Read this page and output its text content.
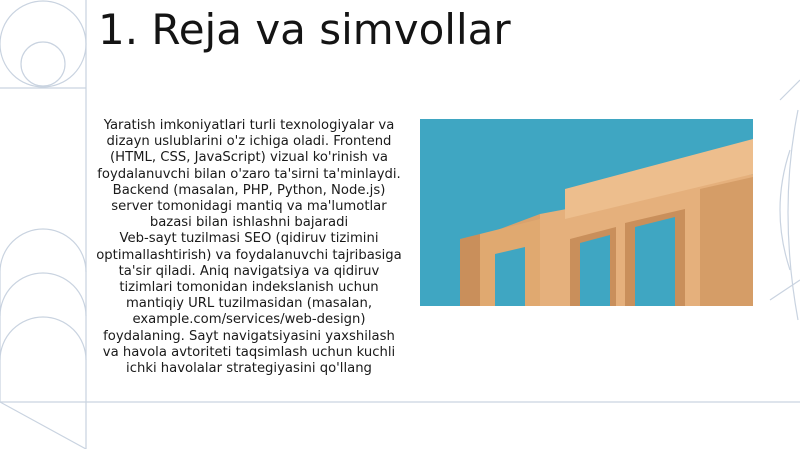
1. Reja va simvollar

Yaratish imkoniyatlari turli texnologiyalar va dizayn uslublarini o'z ichiga oladi. Frontend (HTML, CSS, JavaScript) vizual ko'rinish va foydalanuvchi bilan o'zaro ta'sirni ta'minlaydi. Backend (masalan, PHP, Python, Node.js) server tomonidagi mantiq va ma'lumotlar bazasi bilan ishlashni bajaradi

Veb-sayt tuzilmasi SEO (qidiruv tizimini optimallashtirish) va foydalanuvchi tajribasiga ta'sir qiladi. Aniq navigatsiya va qidiruv tizimlari tomonidan indekslanish uchun mantiqiy URL tuzilmasidan (masalan, example.com/services/web-design) foydalaning. Sayt navigatsiyasini yaxshilash va havola avtoriteti taqsimlash uchun kuchli ichki havolalar strategiyasini qo'llang
